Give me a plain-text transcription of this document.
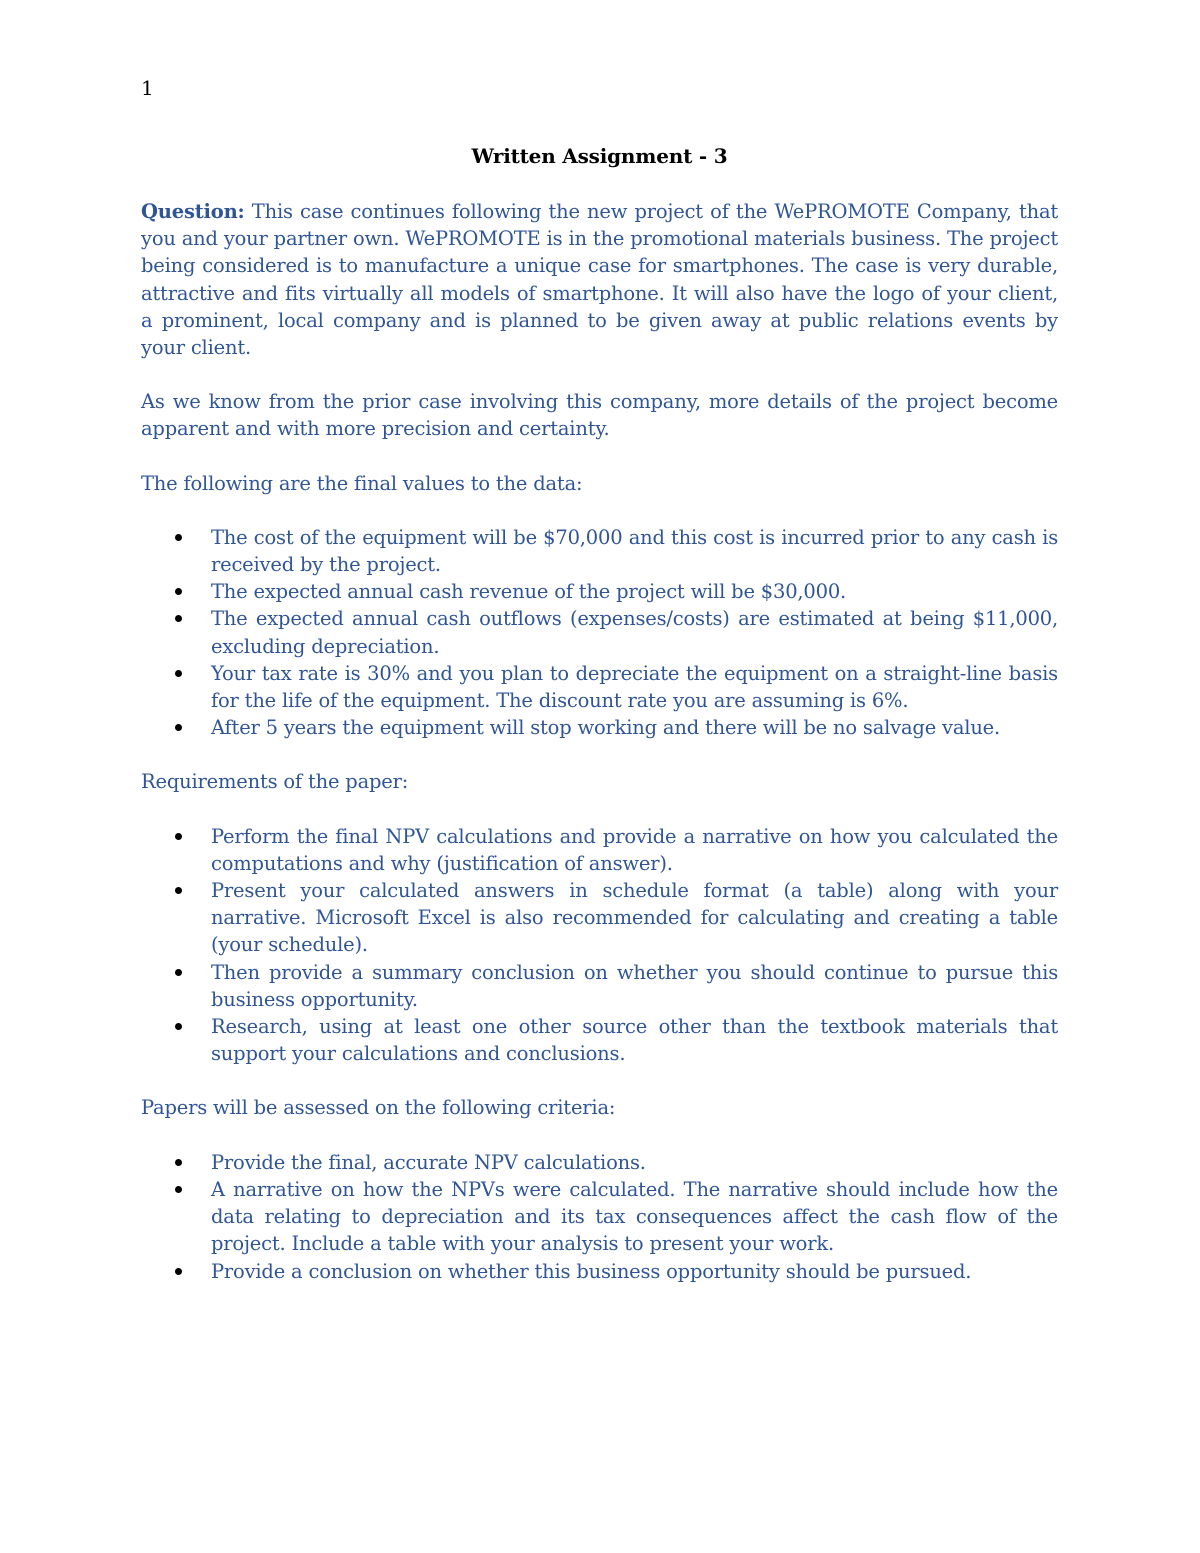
1
Written Assignment - 3

Question: This case continues following the new project of the WePROMOTE Company, that you and your partner own. WePROMOTE is in the promotional materials business. The project being considered is to manufacture a unique case for smartphones. The case is very durable, attractive and fits virtually all models of smartphone. It will also have the logo of your client, a prominent, local company and is planned to be given away at public relations events by your client.

As we know from the prior case involving this company, more details of the project become apparent and with more precision and certainty.

The following are the final values to the data:

The cost of the equipment will be $70,000 and this cost is incurred prior to any cash is received by the project.
The expected annual cash revenue of the project will be $30,000.
The expected annual cash outflows (expenses/costs) are estimated at being $11,000, excluding depreciation.
Your tax rate is 30% and you plan to depreciate the equipment on a straight-line basis for the life of the equipment. The discount rate you are assuming is 6%.
After 5 years the equipment will stop working and there will be no salvage value.

Requirements of the paper:

Perform the final NPV calculations and provide a narrative on how you calculated the computations and why (justification of answer).
Present your calculated answers in schedule format (a table) along with your narrative. Microsoft Excel is also recommended for calculating and creating a table (your schedule).
Then provide a summary conclusion on whether you should continue to pursue this business opportunity.
Research, using at least one other source other than the textbook materials that support your calculations and conclusions.

Papers will be assessed on the following criteria:

Provide the final, accurate NPV calculations.
A narrative on how the NPVs were calculated. The narrative should include how the data relating to depreciation and its tax consequences affect the cash flow of the project. Include a table with your analysis to present your work.
Provide a conclusion on whether this business opportunity should be pursued.
